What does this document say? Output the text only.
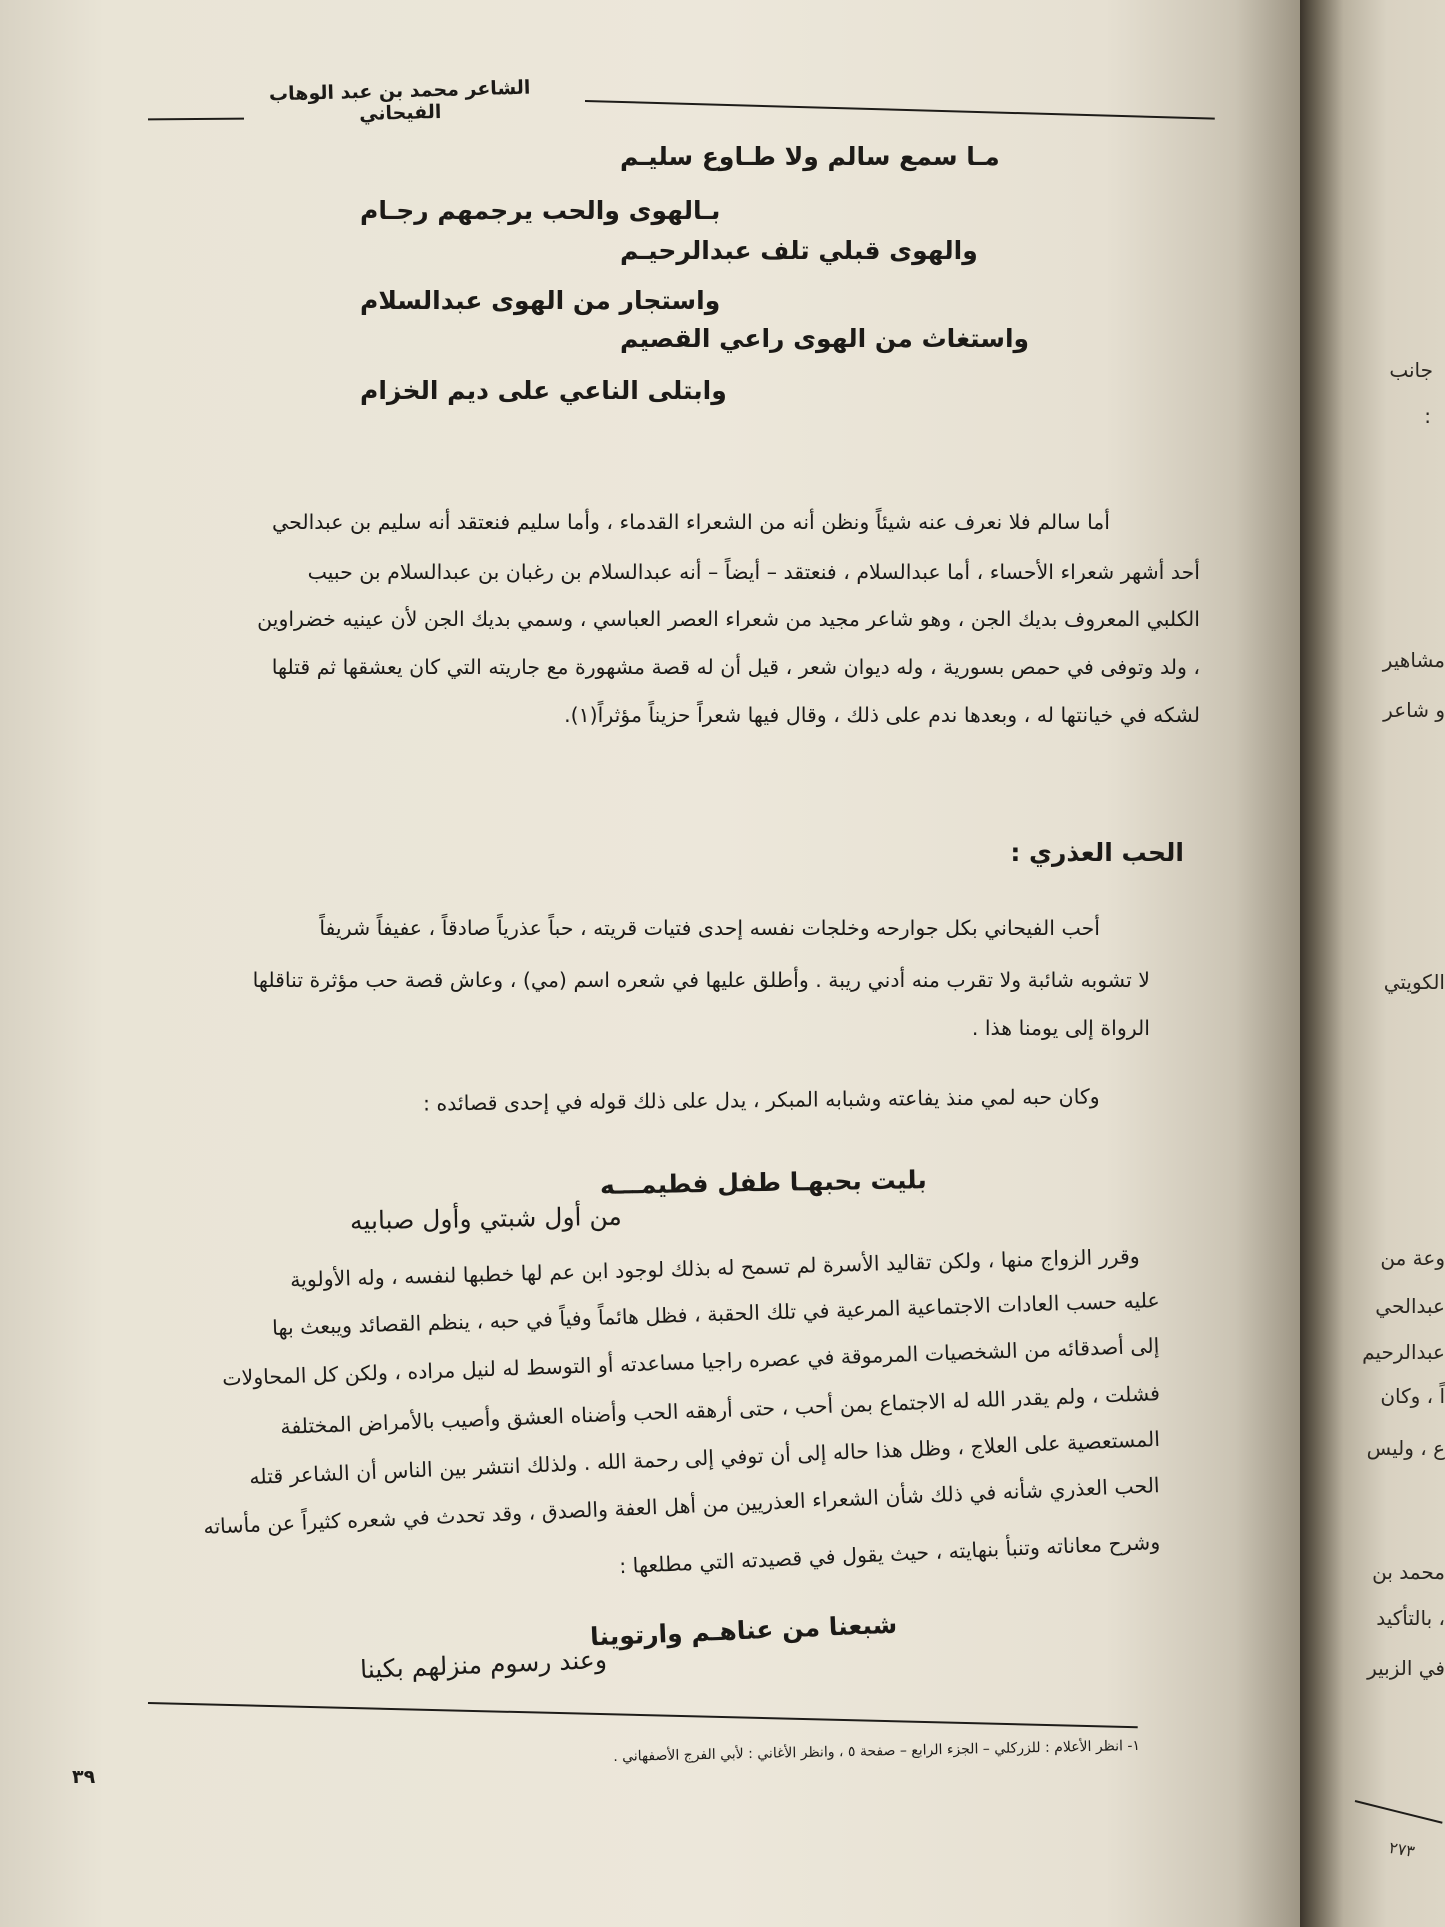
الشاعر محمد بن عبد الوهاب الفيحاني
مـا سمع سالم ولا طـاوع سليـم
بـالهوى والحب يرجمهم رجـام
والهوى قبلي تلف عبدالرحيـم
واستجار من الهوى عبدالسلام
واستغاث من الهوى راعي القصيم
وابتلى الناعي على ديم الخزام
أما سالم فلا نعرف عنه شيئاً ونظن أنه من الشعراء القدماء ، وأما سليم فنعتقد أنه سليم بن عبدالحي
أحد أشهر شعراء الأحساء ، أما عبدالسلام ، فنعتقد – أيضاً – أنه عبدالسلام بن رغبان بن عبدالسلام بن حبيب
الكلبي المعروف بديك الجن ، وهو شاعر مجيد من شعراء العصر العباسي ، وسمي بديك الجن لأن عينيه خضراوين
، ولد وتوفى في حمص بسورية ، وله ديوان شعر ، قيل أن له قصة مشهورة مع جاريته التي كان يعشقها ثم قتلها
لشكه في خيانتها له ، وبعدها ندم على ذلك ، وقال فيها شعراً حزيناً مؤثراً(١).
الحب العذري :
أحب الفيحاني بكل جوارحه وخلجات نفسه إحدى فتيات قريته ، حباً عذرياً صادقاً ، عفيفاً شريفاً
لا تشوبه شائبة ولا تقرب منه أدني ريبة . وأطلق عليها في شعره اسم (مي) ، وعاش قصة حب مؤثرة تناقلها
الرواة إلى يومنا هذا .
وكان حبه لمي منذ يفاعته وشبابه المبكر ، يدل على ذلك قوله في إحدى قصائده :
بليت بحبهـا طفل فطيمـــه
من أول شبتي وأول صبابيه
وقرر الزواج منها ، ولكن تقاليد الأسرة لم تسمح له بذلك لوجود ابن عم لها خطبها لنفسه ، وله الأولوية
عليه حسب العادات الاجتماعية المرعية في تلك الحقبة ، فظل هائماً وفياً في حبه ، ينظم القصائد ويبعث بها
إلى أصدقائه من الشخصيات المرموقة في عصره راجيا مساعدته أو التوسط له لنيل مراده ، ولكن كل المحاولات
فشلت ، ولم يقدر الله له الاجتماع بمن أحب ، حتى أرهقه الحب وأضناه العشق وأصيب بالأمراض المختلفة
المستعصية على العلاج ، وظل هذا حاله إلى أن توفي إلى رحمة الله . ولذلك انتشر بين الناس أن الشاعر قتله
الحب العذري شأنه في ذلك شأن الشعراء العذريين من أهل العفة والصدق ، وقد تحدث في شعره كثيراً عن مأساته
وشرح معاناته وتنبأ بنهايته ، حيث يقول في قصيدته التي مطلعها :
شبعنا من عناهـم وارتوينا
وعند رسوم منزلهم بكينا
١- انظر الأعلام : للزركلي – الجزء الرابع – صفحة ٥ ، وانظر الأغاني : لأبي الفرج الأصفهاني .
٣٩
جانب
:
مشاهير
و شاعر
الكويتي
وعة من
عبدالحي
عبدالرحيم
اً ، وكان
ع ، وليس
محمد بن
، بالتأكيد
في الزبير
٢٧٣
